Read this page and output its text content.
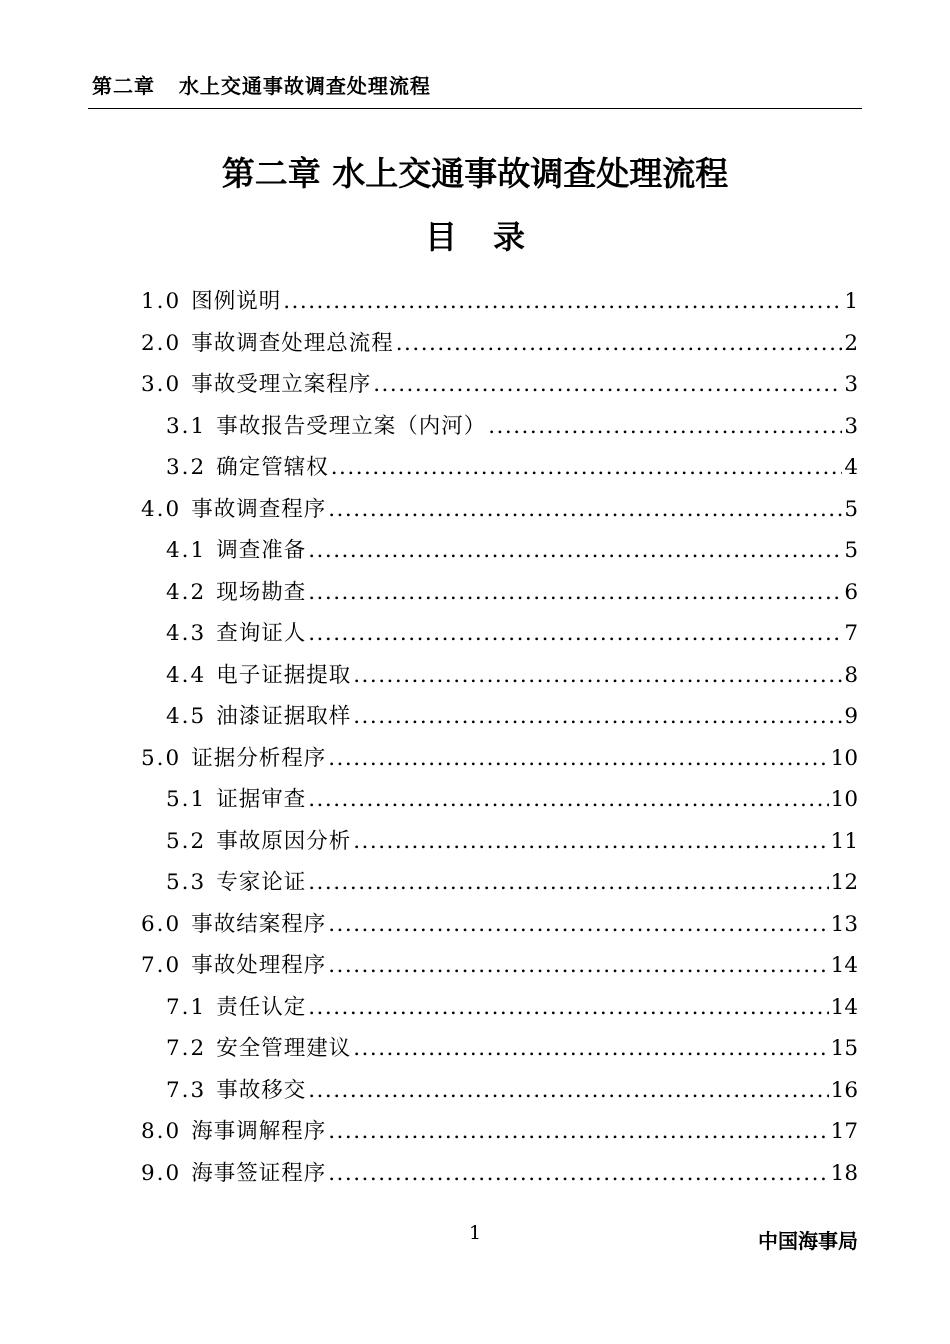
第二章   水上交通事故调查处理流程
第二章 水上交通事故调查处理流程
目录
1.0 图例说明 .....	1
2.0 事故调查处理总流程 .....	2
3.0 事故受理立案程序 .....	3
3.1 事故报告受理立案（内河） .....	3
3.2 确定管辖权 .....	4
4.0 事故调查程序 .....	5
4.1 调查准备 .....	5
4.2 现场勘查 .....	6
4.3 查询证人 .....	7
4.4 电子证据提取 .....	8
4.5 油漆证据取样 .....	9
5.0 证据分析程序 .....	10
5.1 证据审查 .....	10
5.2 事故原因分析 .....	11
5.3 专家论证 .....	12
6.0 事故结案程序 .....	13
7.0 事故处理程序 .....	14
7.1 责任认定 .....	14
7.2 安全管理建议 .....	15
7.3 事故移交 .....	16
8.0 海事调解程序 .....	17
9.0 海事签证程序 .....	18
1	中国海事局
